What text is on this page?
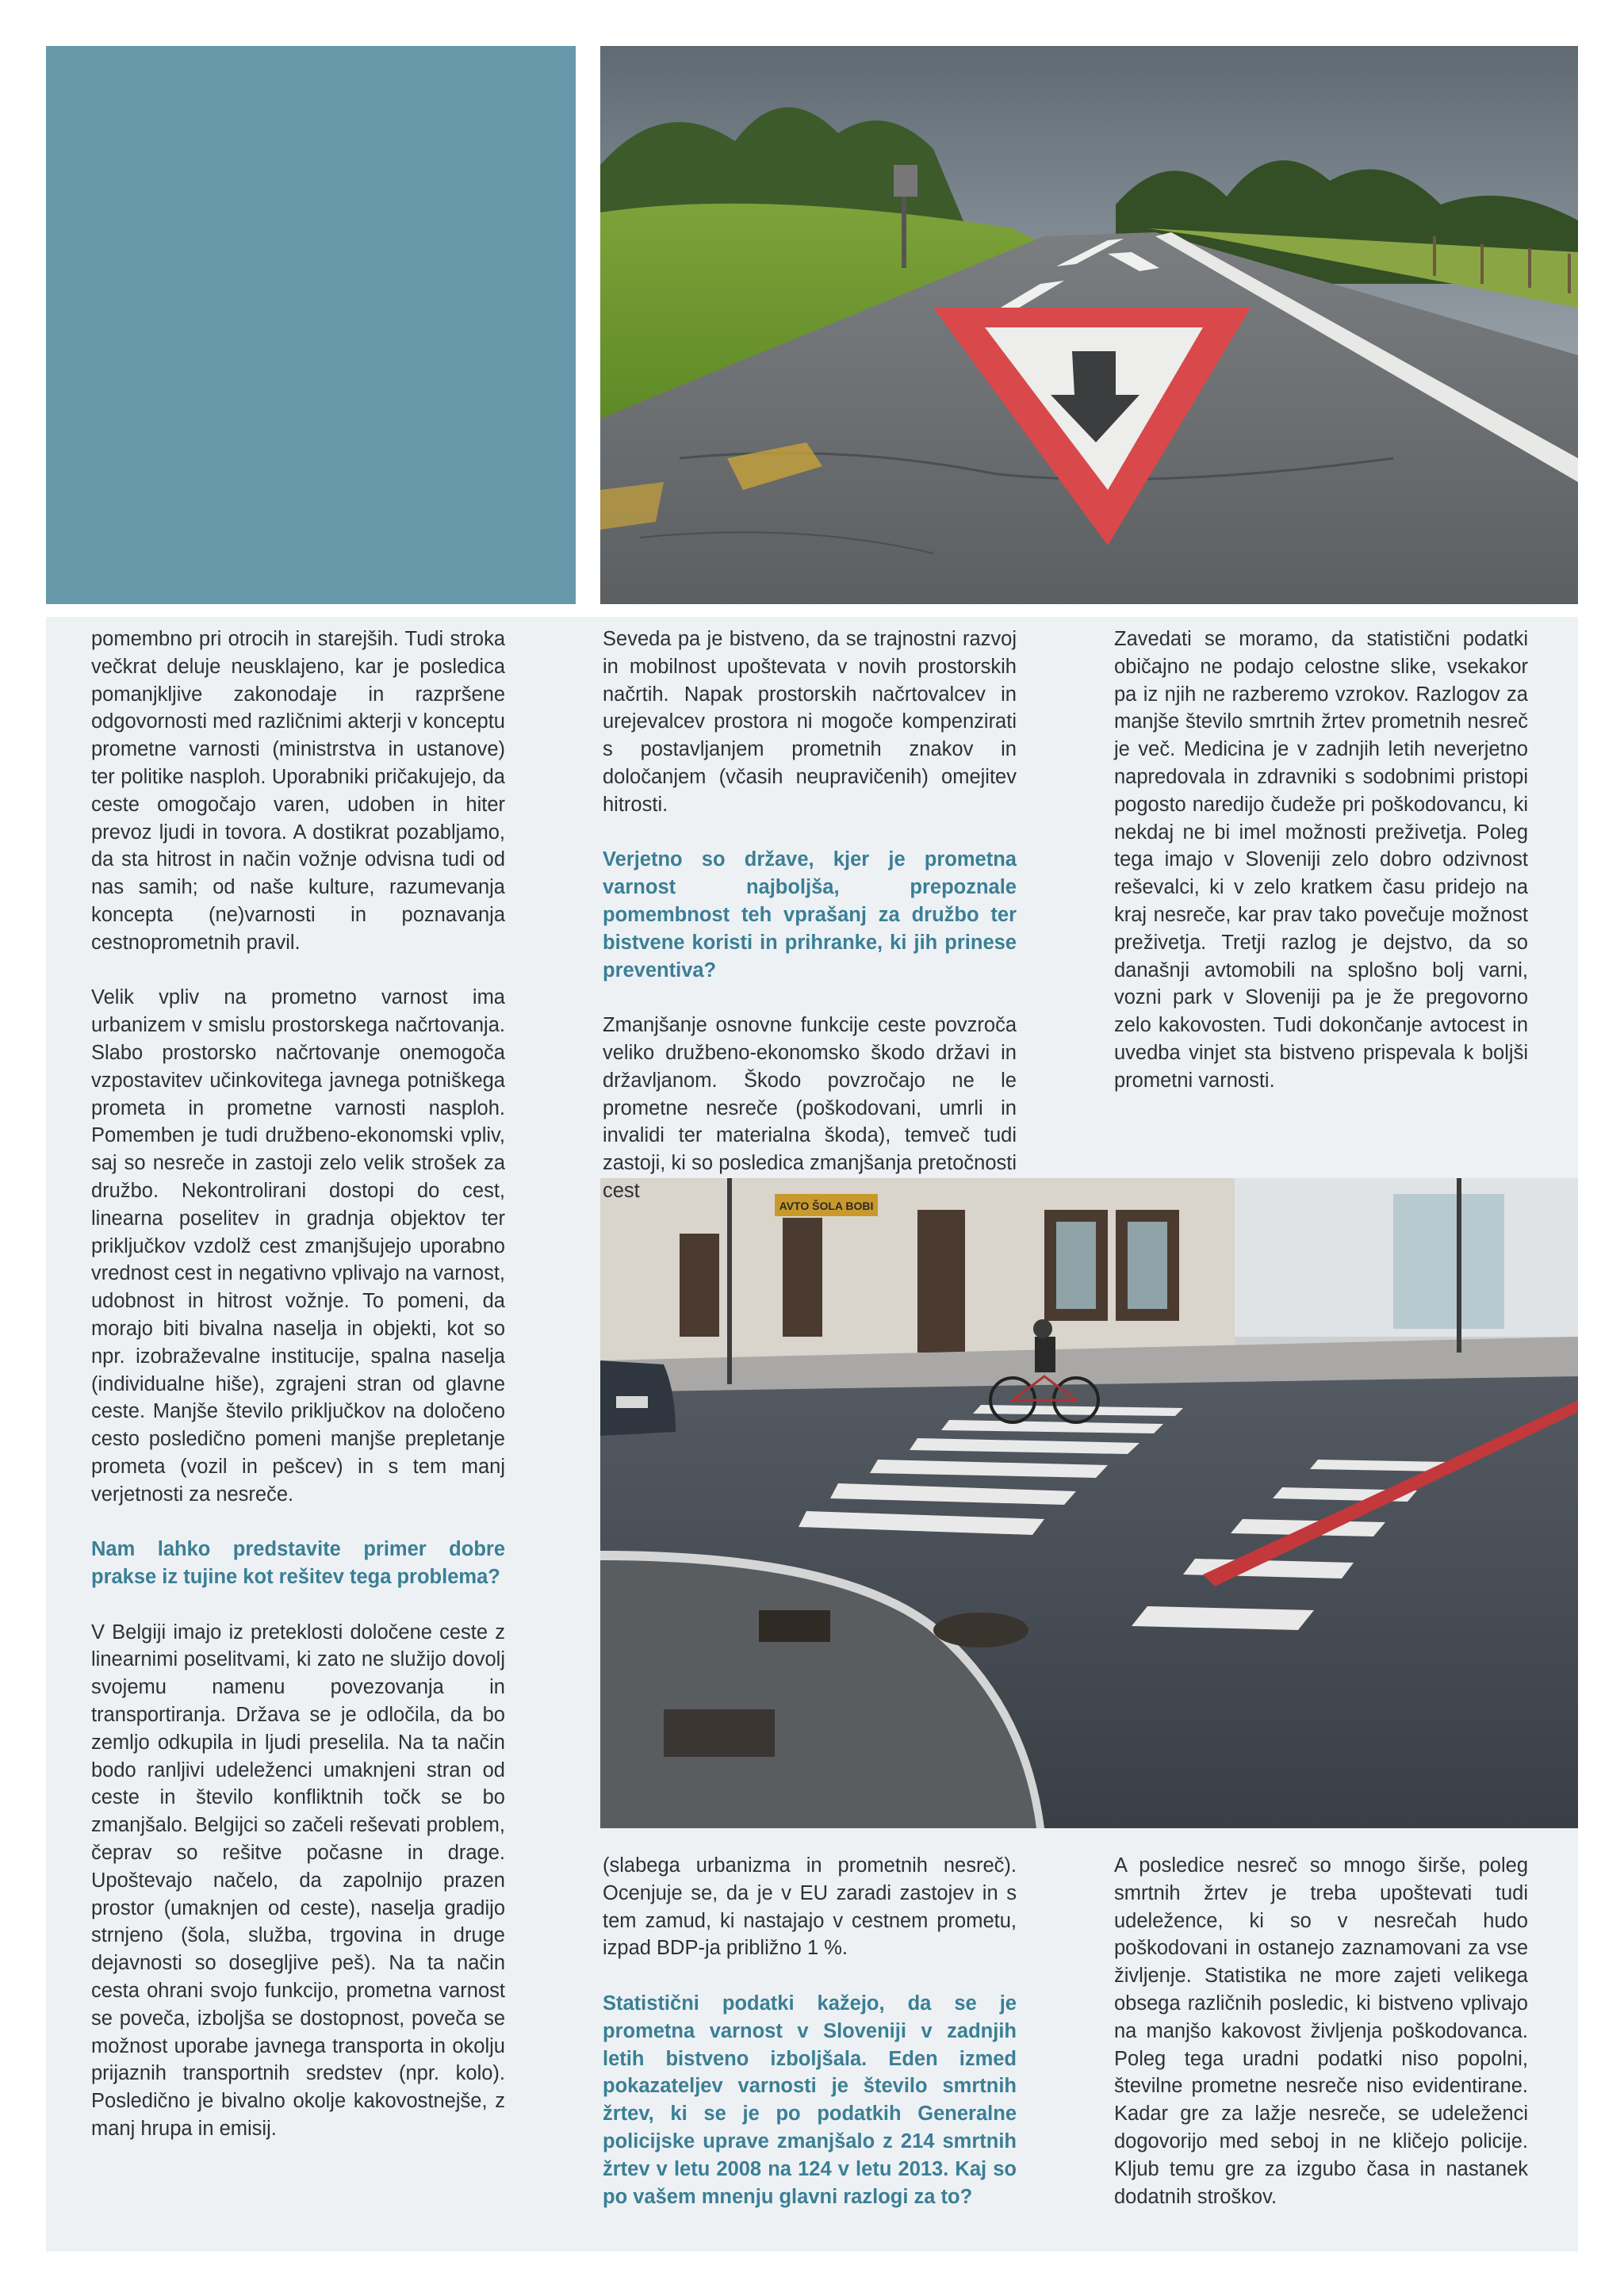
AVTO ŠOLA BOBI

pomembno pri otrocih in starejših. Tudi stroka večkrat deluje neusklajeno, kar je posledica pomanjkljive zakonodaje in razpršene odgovornosti med različnimi akterji v konceptu prometne varnosti (ministrstva in ustanove) ter politike nasploh. Uporabniki pričakujejo, da ceste omogočajo varen, udoben in hiter prevoz ljudi in tovora. A dostikrat pozabljamo, da sta hitrost in način vožnje odvisna tudi od nas samih; od naše kulture, razumevanja koncepta (ne)varnosti in poznavanja cestnoprometnih pravil.

Velik vpliv na prometno varnost ima urbanizem v smislu prostorskega načrtovanja. Slabo prostorsko načrtovanje onemogoča vzpostavitev učinkovitega javnega potniškega prometa in prometne varnosti nasploh. Pomemben je tudi družbeno-ekonomski vpliv, saj so nesreče in zastoji zelo velik strošek za družbo. Nekontrolirani dostopi do cest, linearna poselitev in gradnja objektov ter priključkov vzdolž cest zmanjšujejo uporabno vrednost cest in negativno vplivajo na varnost, udobnost in hitrost vožnje. To pomeni, da morajo biti bivalna naselja in objekti, kot so npr. izobraževalne institucije, spalna naselja (individualne hiše), zgrajeni stran od glavne ceste. Manjše število priključkov na določeno cesto posledično pomeni manjše prepletanje prometa (vozil in pešcev) in s tem manj verjetnosti za nesreče.

Nam lahko predstavite primer dobre prakse iz tujine kot rešitev tega problema?

V Belgiji imajo iz preteklosti določene ceste z linearnimi poselitvami, ki zato ne služijo dovolj svojemu namenu povezovanja in transportiranja. Država se je odločila, da bo zemljo odkupila in ljudi preselila. Na ta način bodo ranljivi udeleženci umaknjeni stran od ceste in število konfliktnih točk se bo zmanjšalo. Belgijci so začeli reševati problem, čeprav so rešitve počasne in drage. Upoštevajo načelo, da zapolnijo prazen prostor (umaknjen od ceste), naselja gradijo strnjeno (šola, služba, trgovina in druge dejavnosti so dosegljive peš). Na ta način cesta ohrani svojo funkcijo, prometna varnost se poveča, izboljša se dostopnost, poveča se možnost uporabe javnega transporta in okolju prijaznih transportnih sredstev (npr. kolo). Posledično je bivalno okolje kakovostnejše, z manj hrupa in emisij.

Seveda pa je bistveno, da se trajnostni razvoj in mobilnost upoštevata v novih prostorskih načrtih. Napak prostorskih načrtovalcev in urejevalcev prostora ni mogoče kompenzirati s postavljanjem prometnih znakov in določanjem (včasih neupravičenih) omejitev hitrosti.

Verjetno so države, kjer je prometna varnost najboljša, prepoznale pomembnost teh vprašanj za družbo ter bistvene koristi in prihranke, ki jih prinese preventiva?

Zmanjšanje osnovne funkcije ceste povzroča veliko družbeno-ekonomsko škodo državi in državljanom. Škodo povzročajo ne le prometne nesreče (poškodovani, umrli in invalidi ter materialna škoda), temveč tudi zastoji, ki so posledica zmanjšanja pretočnosti cest

Zavedati se moramo, da statistični podatki običajno ne podajo celostne slike, vsekakor pa iz njih ne razberemo vzrokov. Razlogov za manjše število smrtnih žrtev prometnih nesreč je več. Medicina je v zadnjih letih neverjetno napredovala in zdravniki s sodobnimi pristopi pogosto naredijo čudeže pri poškodovancu, ki nekdaj ne bi imel možnosti preživetja. Poleg tega imajo v Sloveniji zelo dobro odzivnost reševalci, ki v zelo kratkem času pridejo na kraj nesreče, kar prav tako povečuje možnost preživetja. Tretji razlog je dejstvo, da so današnji avtomobili na splošno bolj varni, vozni park v Sloveniji pa je že pregovorno zelo kakovosten. Tudi dokončanje avtocest in uvedba vinjet sta bistveno prispevala k boljši prometni varnosti.

(slabega urbanizma in prometnih nesreč). Ocenjuje se, da je v EU zaradi zastojev in s tem zamud, ki nastajajo v cestnem prometu, izpad BDP-ja približno 1 %.

Statistični podatki kažejo, da se je prometna varnost v Sloveniji v zadnjih letih bistveno izboljšala. Eden izmed pokazateljev varnosti je število smrtnih žrtev, ki se je po podatkih Generalne policijske uprave zmanjšalo z 214 smrtnih žrtev v letu 2008 na 124 v letu 2013. Kaj so po vašem mnenju glavni razlogi za to?

A posledice nesreč so mnogo širše, poleg smrtnih žrtev je treba upoštevati tudi udeležence, ki so v nesrečah hudo poškodovani in ostanejo zaznamovani za vse življenje. Statistika ne more zajeti velikega obsega različnih posledic, ki bistveno vplivajo na manjšo kakovost življenja poškodovanca. Poleg tega uradni podatki niso popolni, številne prometne nesreče niso evidentirane. Kadar gre za lažje nesreče, se udeleženci dogovorijo med seboj in ne kličejo policije. Kljub temu gre za izgubo časa in nastanek dodatnih stroškov.
